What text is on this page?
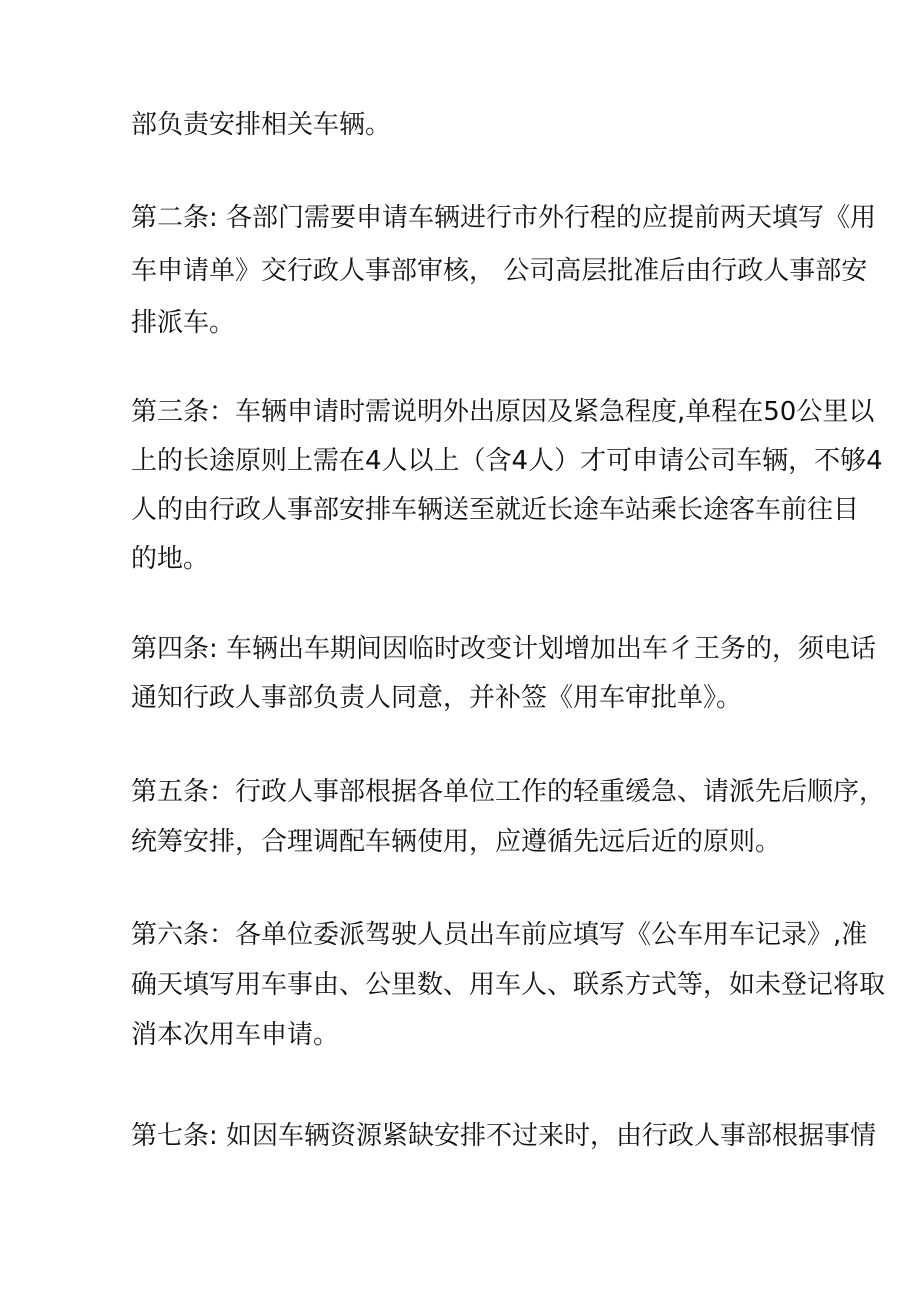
部负责安排相关车辆。
第二条: 各部门需要申请车辆进行市外行程的应提前两天填写《用
车申请单》交行政人事部审核， 公司高层批准后由行政人事部安
排派车。
第三条：车辆申请时需说明外出原因及紧急程度,单程在50公里以
上的长途原则上需在4人以上（含4人）才可申请公司车辆，不够4
人的由行政人事部安排车辆送至就近长途车站乘长途客车前往目
的地。
第四条: 车辆出车期间因临时改变计划增加出车彳王务的，须电话
通知行政人事部负责人同意，并补签《用车审批单》。
第五条：行政人事部根据各单位工作的轻重缓急、请派先后顺序，
统筹安排，合理调配车辆使用，应遵循先远后近的原则。
第六条：各单位委派驾驶人员出车前应填写《公车用车记录》,准
确天填写用车事由、公里数、用车人、联系方式等，如未登记将取
消本次用车申请。
第七条: 如因车辆资源紧缺安排不过来时，由行政人事部根据事情
